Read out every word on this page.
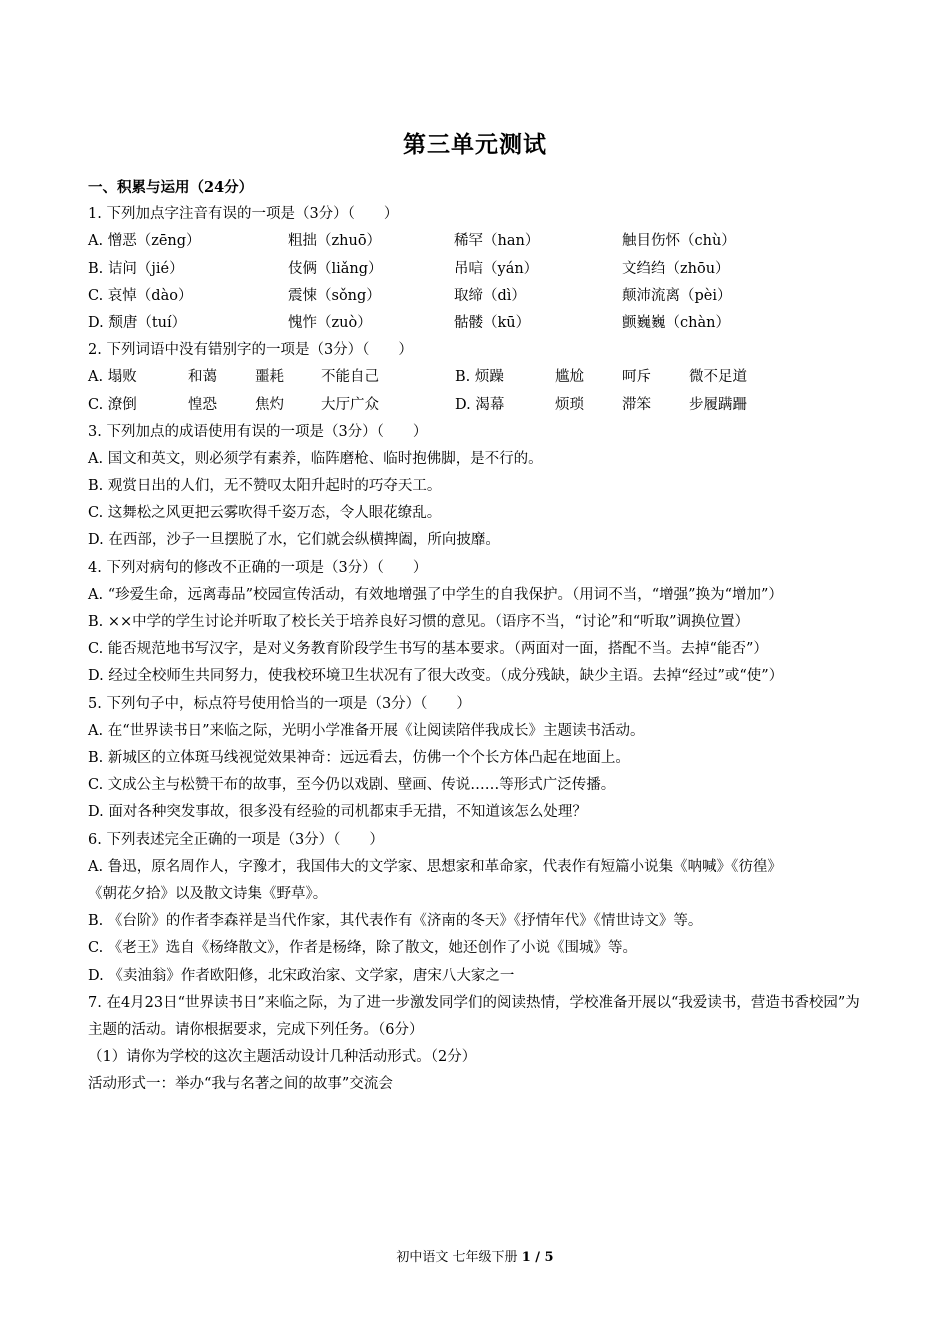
第三单元测试
一、积累与运用（24分）
1. 下列加点字注音有误的一项是（3分）（　　）
A. 憎恶（zēng）	粗拙（zhuō）	稀罕（han）	触目伤怀（chù）
B. 诘问（jié）	伎俩（liǎng）	吊唁（yán）	文绉绉（zhōu）
C. 哀悼（dào）	震悚（sǒng）	取缔（dì）	颠沛流离（pèi）
D. 颓唐（tuí）	愧怍（zuò）	骷髅（kū）	颤巍巍（chàn）
2. 下列词语中没有错别字的一项是（3分）（　　）
A. 塌败	和蔼	噩耗	不能自己	B. 烦躁	尴尬	呵斥	微不足道
C. 潦倒	惶恐	焦灼	大厅广众	D. 渴幕	烦琐	滞笨	步履蹒跚
3. 下列加点的成语使用有误的一项是（3分）（　　）
A. 国文和英文，则必须学有素养，临阵磨枪、临时抱佛脚，是不行的。
B. 观赏日出的人们，无不赞叹太阳升起时的巧夺天工。
C. 这舞松之风更把云雾吹得千姿万态，令人眼花缭乱。
D. 在西部，沙子一旦摆脱了水，它们就会纵横捭阖，所向披靡。
4. 下列对病句的修改不正确的一项是（3分）（　　）
A. “珍爱生命，远离毒品”校园宣传活动，有效地增强了中学生的自我保护。（用词不当，“增强”换为“增加”）
B. ××中学的学生讨论并听取了校长关于培养良好习惯的意见。（语序不当，“讨论”和“听取”调换位置）
C. 能否规范地书写汉字，是对义务教育阶段学生书写的基本要求。（两面对一面，搭配不当。去掉“能否”）
D. 经过全校师生共同努力，使我校环境卫生状况有了很大改变。（成分残缺，缺少主语。去掉“经过”或“使”）
5. 下列句子中，标点符号使用恰当的一项是（3分）（　　）
A. 在“世界读书日”来临之际，光明小学准备开展《让阅读陪伴我成长》主题读书活动。
B. 新城区的立体斑马线视觉效果神奇：远远看去，仿佛一个个长方体凸起在地面上。
C. 文成公主与松赞干布的故事，至今仍以戏剧、壁画、传说……等形式广泛传播。
D. 面对各种突发事故，很多没有经验的司机都束手无措，不知道该怎么处理？
6. 下列表述完全正确的一项是（3分）（　　）
A. 鲁迅，原名周作人，字豫才，我国伟大的文学家、思想家和革命家，代表作有短篇小说集《呐喊》《彷徨》
《朝花夕拾》以及散文诗集《野草》。
B. 《台阶》的作者李森祥是当代作家，其代表作有《济南的冬天》《抒情年代》《情世诗文》等。
C. 《老王》选自《杨绛散文》，作者是杨绛，除了散文，她还创作了小说《围城》等。
D. 《卖油翁》作者欧阳修，北宋政治家、文学家，唐宋八大家之一
7. 在4月23日“世界读书日”来临之际，为了进一步激发同学们的阅读热情，学校准备开展以“我爱读书，营造书香校园”为主题的活动。请你根据要求，完成下列任务。（6分）
（1）请你为学校的这次主题活动设计几种活动形式。（2分）
活动形式一：举办“我与名著之间的故事”交流会
初中语文 七年级下册 1 / 5
